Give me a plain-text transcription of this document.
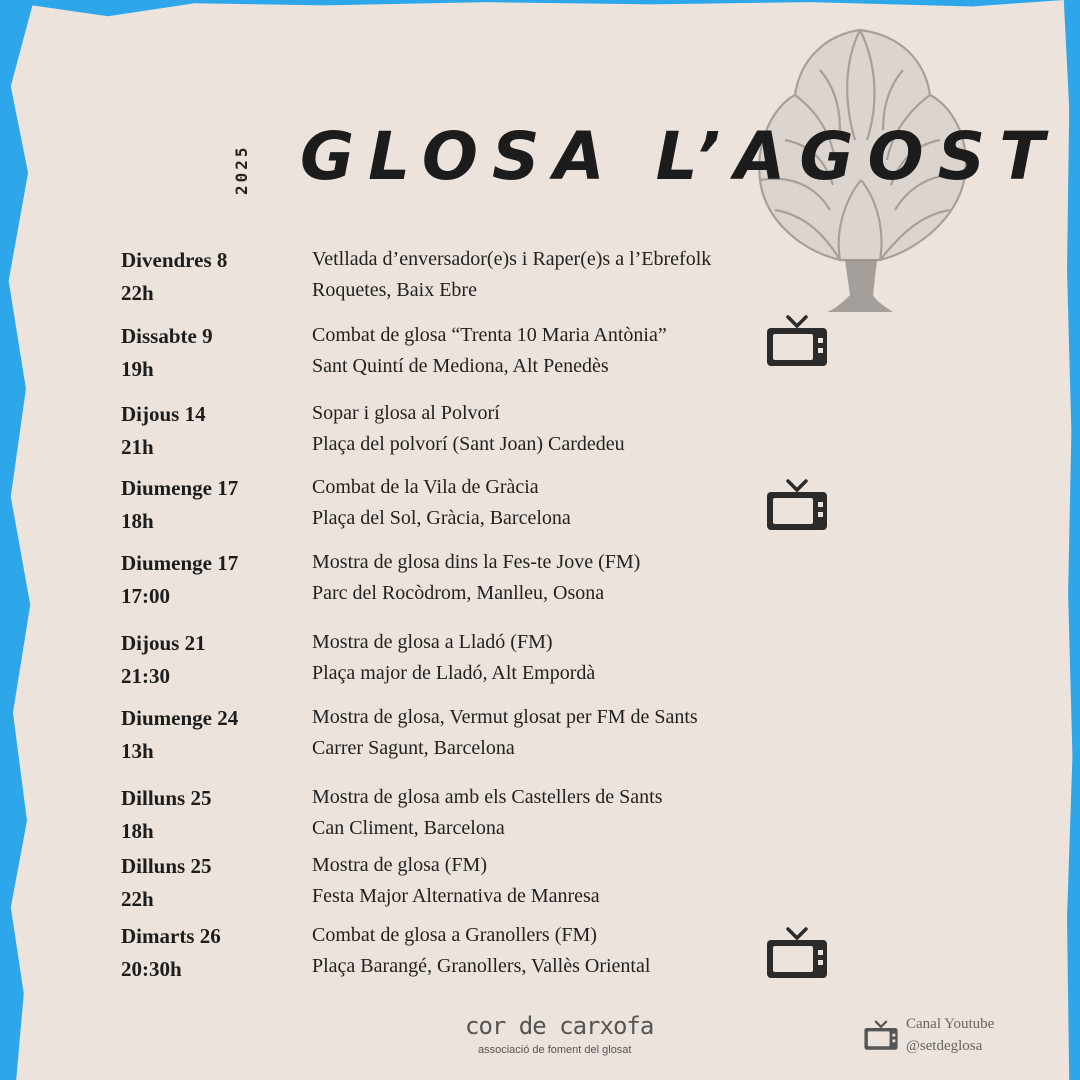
2025 GLOSA L’AGOST
Divendres 8
22h
Vetllada d’enversador(e)s i Raper(e)s a l’Ebrefolk
Roquetes, Baix Ebre
Dissabte 9
19h
Combat de glosa “Trenta 10 Maria Antònia”
Sant Quintí de Mediona, Alt Penedès
Dijous 14
21h
Sopar i glosa al Polvorí
Plaça del polvorí (Sant Joan) Cardedeu
Diumenge 17
18h
Combat de la Vila de Gràcia
Plaça del Sol, Gràcia, Barcelona
Diumenge 17
17:00
Mostra de glosa dins la Fes-te Jove (FM)
Parc del Rocòdrom, Manlleu, Osona
Dijous 21
21:30
Mostra de glosa a Lladó (FM)
Plaça major de Lladó, Alt Empordà
Diumenge 24
13h
Mostra de glosa, Vermut glosat per FM de Sants
Carrer Sagunt, Barcelona
Dilluns 25
18h
Mostra de glosa amb els Castellers de Sants
Can Climent, Barcelona
Dilluns 25
22h
Mostra de glosa (FM)
Festa Major Alternativa de Manresa
Dimarts 26
20:30h
Combat de glosa a Granollers (FM)
Plaça Barangé, Granollers, Vallès Oriental
cor de carxofa
associació de foment del glosat
Canal Youtube
@setdeglosa
